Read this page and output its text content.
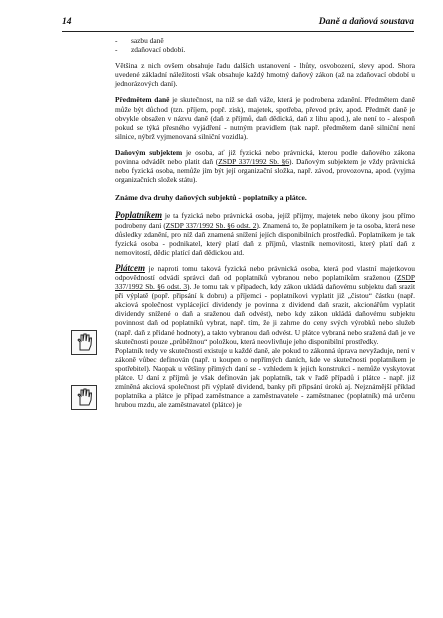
14	Daně a daňová soustava

- sazbu daně

- zdaňovací období.

Většina z nich ovšem obsahuje řadu dalších ustanovení - lhůty, osvobození, slevy apod. Shora uvedené základní náležitosti však obsahuje každý hmotný daňový zákon (až na zdaňovací období u jednorázových daní).

Předmětem daně je skutečnost, na níž se daň váže, která je podrobena zdanění. Předmětem daně může být důchod (tzn. příjem, popř. zisk), majetek, spotřeba, převod práv, apod. Předmět daně je obvykle obsažen v názvu daně (daň z příjmů, daň dědická, daň z lihu apod.), ale není to - alespoň pokud se týká přesného vyjádření - nutným pravidlem (tak např. předmětem daně silniční není silnice, nýbrž vyjmenovaná silniční vozidla).

Daňovým subjektem je osoba, ať již fyzická nebo právnická, kterou podle daňového zákona povinna odvádět nebo platit daň (ZSDP 337/1992 Sb. §6). Daňovým subjektem je vždy právnická nebo fyzická osoba, nemůže jím být její organizační složka, např. závod, provozovna, apod. (vyjma organizačních složek státu).

Známe dva druhy daňových subjektů - poplatníky a plátce.

Poplatníkem je ta fyzická nebo právnická osoba, jejíž příjmy, majetek nebo úkony jsou přímo podrobeny dani (ZSDP 337/1992 Sb. §6 odst. 2). Znamená to, že poplatníkem je ta osoba, která nese důsledky zdanění, pro níž daň znamená snížení jejích disponibilních prostředků. Poplatníkem je tak fyzická osoba - podnikatel, který platí daň z příjmů, vlastník nemovitosti, který platí daň z nemovitostí, dědic platící daň dědickou atd.

Plátcem je naproti tomu taková fyzická nebo právnická osoba, která pod vlastní majetkovou odpovědností odvádí správci daň od poplatníků vybranou nebo poplatníkům sraženou (ZSDP 337/1992 Sb. §6 odst. 3). Je tomu tak v případech, kdy zákon ukládá daňovému subjektu daň srazit při výplatě (popř. připsání k dobru) a příjemci - poplatníkovi vyplatit již „čistou“ částku (např. akciová společnost vyplácející dividendy je povinna z dividend daň srazit, akcionářům vyplatit dividendy snížené o daň a sraženou daň odvést), nebo kdy zákon ukládá daňovému subjektu povinnost daň od poplatníků vybrat, např. tím, že ji zahrne do ceny svých výrobků nebo služeb (např. daň z přidané hodnoty), a takto vybranou daň odvést. U plátce vybraná nebo sražená daň je ve skutečnosti pouze „průběžnou“ položkou, která neovlivňuje jeho disponibilní prostředky.

Poplatník tedy ve skutečnosti existuje u každé daně, ale pokud to zákonná úprava nevyžaduje, není v zákoně vůbec definován (např. u koupen o nepřímých daních, kde ve skutečnosti poplatníkem je spotřebitel). Naopak u většiny přímých daní se - vzhledem k jejich konstrukci - nemůže vyskytovat plátce. U daní z příjmů je však definován jak poplatník, tak v řadě případů i plátce - např. již zmíněná akciová společnost při výplatě dividend, banky při připsání úroků aj. Nejznámější příklad poplatníka a plátce je případ zaměstnance a zaměstnavatele - zaměstnanec (poplatník) má určenu hrubou mzdu, ale zaměstnavatel (plátce) je
